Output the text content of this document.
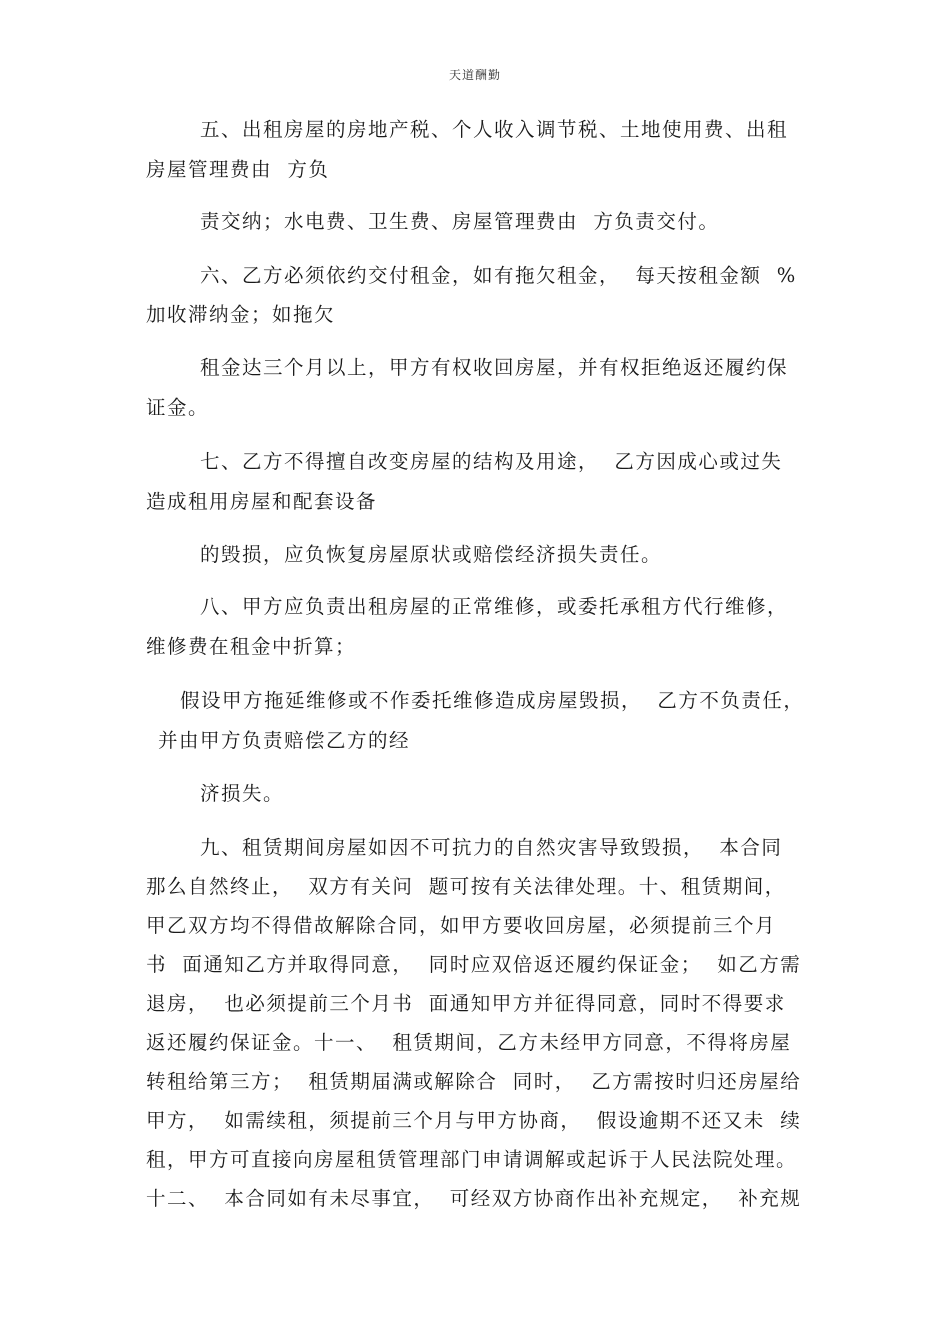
天道酬勤
五、出租房屋的房地产税、个人收入调节税、土地使用费、出租
房屋管理费由  方负
责交纳；水电费、卫生费、房屋管理费由  方负责交付。
六、乙方必须依约交付租金，如有拖欠租金，  每天按租金额  %
加收滞纳金；如拖欠
租金达三个月以上，甲方有权收回房屋，并有权拒绝返还履约保
证金。
七、乙方不得擅自改变房屋的结构及用途，  乙方因成心或过失
造成租用房屋和配套设备
的毁损，应负恢复房屋原状或赔偿经济损失责任。
八、甲方应负责出租房屋的正常维修，或委托承租方代行维修，
维修费在租金中折算；
假设甲方拖延维修或不作委托维修造成房屋毁损，  乙方不负责任，
并由甲方负责赔偿乙方的经
济损失。
九、租赁期间房屋如因不可抗力的自然灾害导致毁损，  本合同
那么自然终止，  双方有关问  题可按有关法律处理。十、租赁期间，
甲乙双方均不得借故解除合同，如甲方要收回房屋，必须提前三个月
书  面通知乙方并取得同意，  同时应双倍返还履约保证金；  如乙方需
退房，  也必须提前三个月书  面通知甲方并征得同意，同时不得要求
返还履约保证金。十一、  租赁期间，乙方未经甲方同意，不得将房屋
转租给第三方；  租赁期届满或解除合  同时，  乙方需按时归还房屋给
甲方，  如需续租，须提前三个月与甲方协商，  假设逾期不还又未  续
租，甲方可直接向房屋租赁管理部门申请调解或起诉于人民法院处理。
十二、  本合同如有未尽事宜，  可经双方协商作出补充规定，  补充规
